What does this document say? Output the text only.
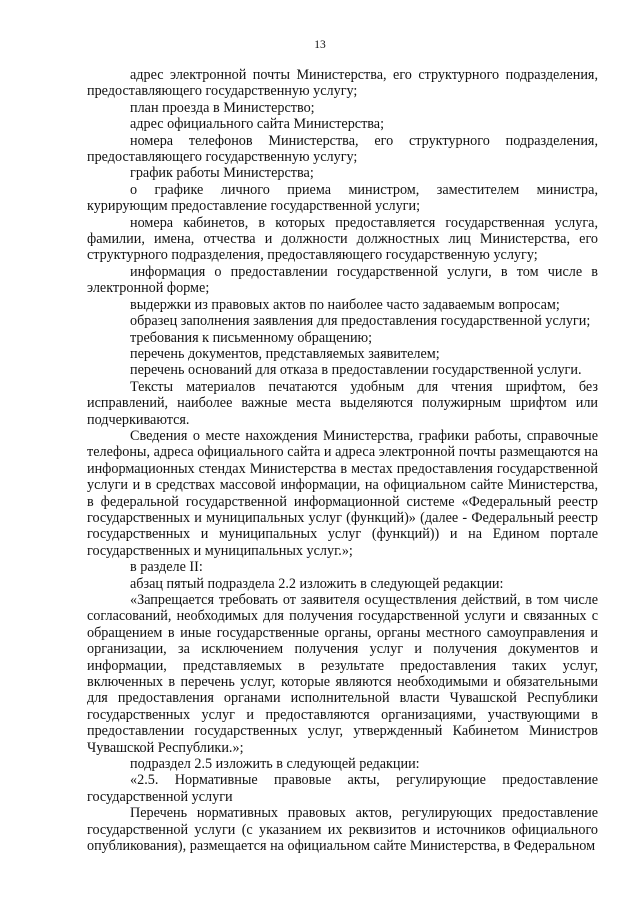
13

адрес электронной почты Министерства, его структурного подразделения, предоставляющего государственную услугу;

план проезда в Министерство;

адрес официального сайта Министерства;

номера телефонов Министерства, его структурного подразделения, предоставляющего государственную услугу;

график работы Министерства;

о графике личного приема министром, заместителем министра, курирующим предоставление государственной услуги;

номера кабинетов, в которых предоставляется государственная услуга, фамилии, имена, отчества и должности должностных лиц Министерства, его структурного подразделения, предоставляющего государственную услугу;

информация о предоставлении государственной услуги, в том числе в электронной форме;

выдержки из правовых актов по наиболее часто задаваемым вопросам;

образец заполнения заявления для предоставления государственной услуги;

требования к письменному обращению;

перечень документов, представляемых заявителем;

перечень оснований для отказа в предоставлении государственной услуги.

Тексты материалов печатаются удобным для чтения шрифтом, без исправлений, наиболее важные места выделяются полужирным шрифтом или подчеркиваются.

Сведения о месте нахождения Министерства, графики работы, справочные телефоны, адреса официального сайта и адреса электронной почты размещаются на информационных стендах Министерства в местах предоставления государственной услуги и в средствах массовой информации, на официальном сайте Министерства, в федеральной государственной информационной системе «Федеральный реестр государственных и муниципальных услуг (функций)» (далее - Федеральный реестр государственных и муниципальных услуг (функций)) и на Едином портале государственных и муниципальных услуг.»;

в разделе II:

абзац пятый подраздела 2.2 изложить в следующей редакции:

«Запрещается требовать от заявителя осуществления действий, в том числе согласований, необходимых для получения государственной услуги и связанных с обращением в иные государственные органы, органы местного самоуправления и организации, за исключением получения услуг и получения документов и информации, представляемых в результате предоставления таких услуг, включенных в перечень услуг, которые являются необходимыми и обязательными для предоставления органами исполнительной власти Чувашской Республики государственных услуг и предоставляются организациями, участвующими в предоставлении государственных услуг, утвержденный Кабинетом Министров Чувашской Республики.»;

подраздел 2.5 изложить в следующей редакции:

«2.5. Нормативные правовые акты, регулирующие предоставление государственной услуги

Перечень нормативных правовых актов, регулирующих предоставление государственной услуги (с указанием их реквизитов и источников официального опубликования), размещается на официальном сайте Министерства, в Федеральном
